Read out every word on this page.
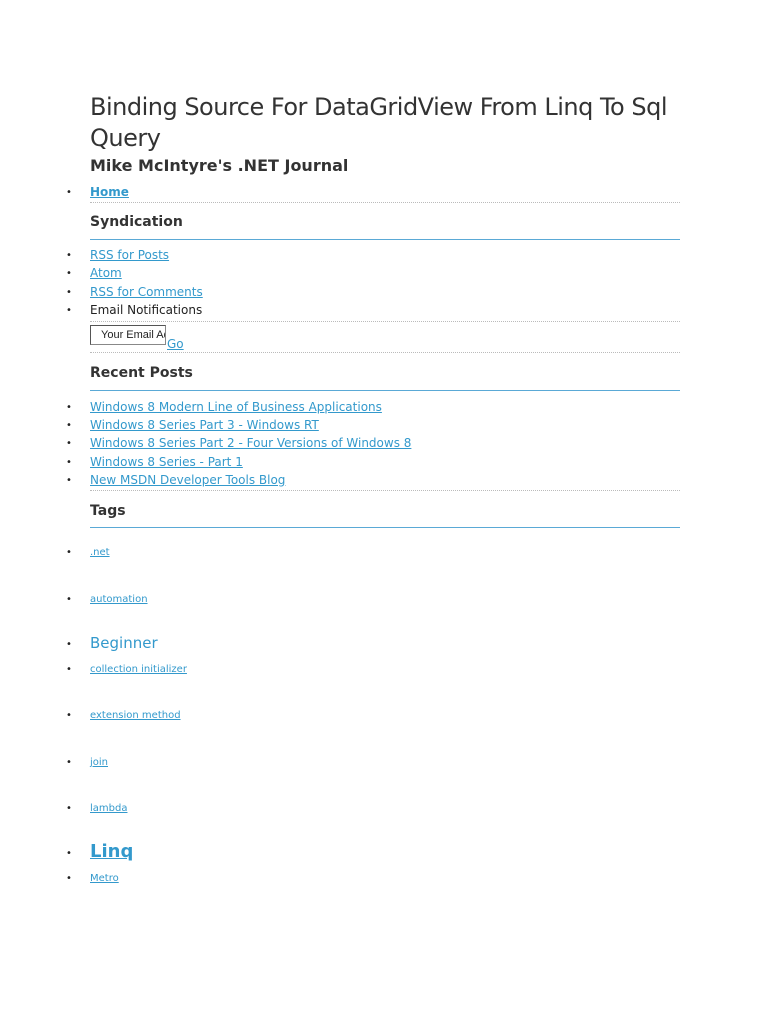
Binding Source For DataGridView From Linq To Sql Query
Mike McIntyre's .NET Journal
• Home
Syndication
• RSS for Posts
• Atom
• RSS for Comments
• Email Notifications
Your Email Address
Go
Recent Posts
• Windows 8 Modern Line of Business Applications
• Windows 8 Series Part 3 - Windows RT
• Windows 8 Series Part 2 - Four Versions of Windows 8
• Windows 8 Series - Part 1
• New MSDN Developer Tools Blog
Tags
• .net
• automation
• Beginner
• collection initializer
• extension method
• join
• lambda
• Linq
• Metro
